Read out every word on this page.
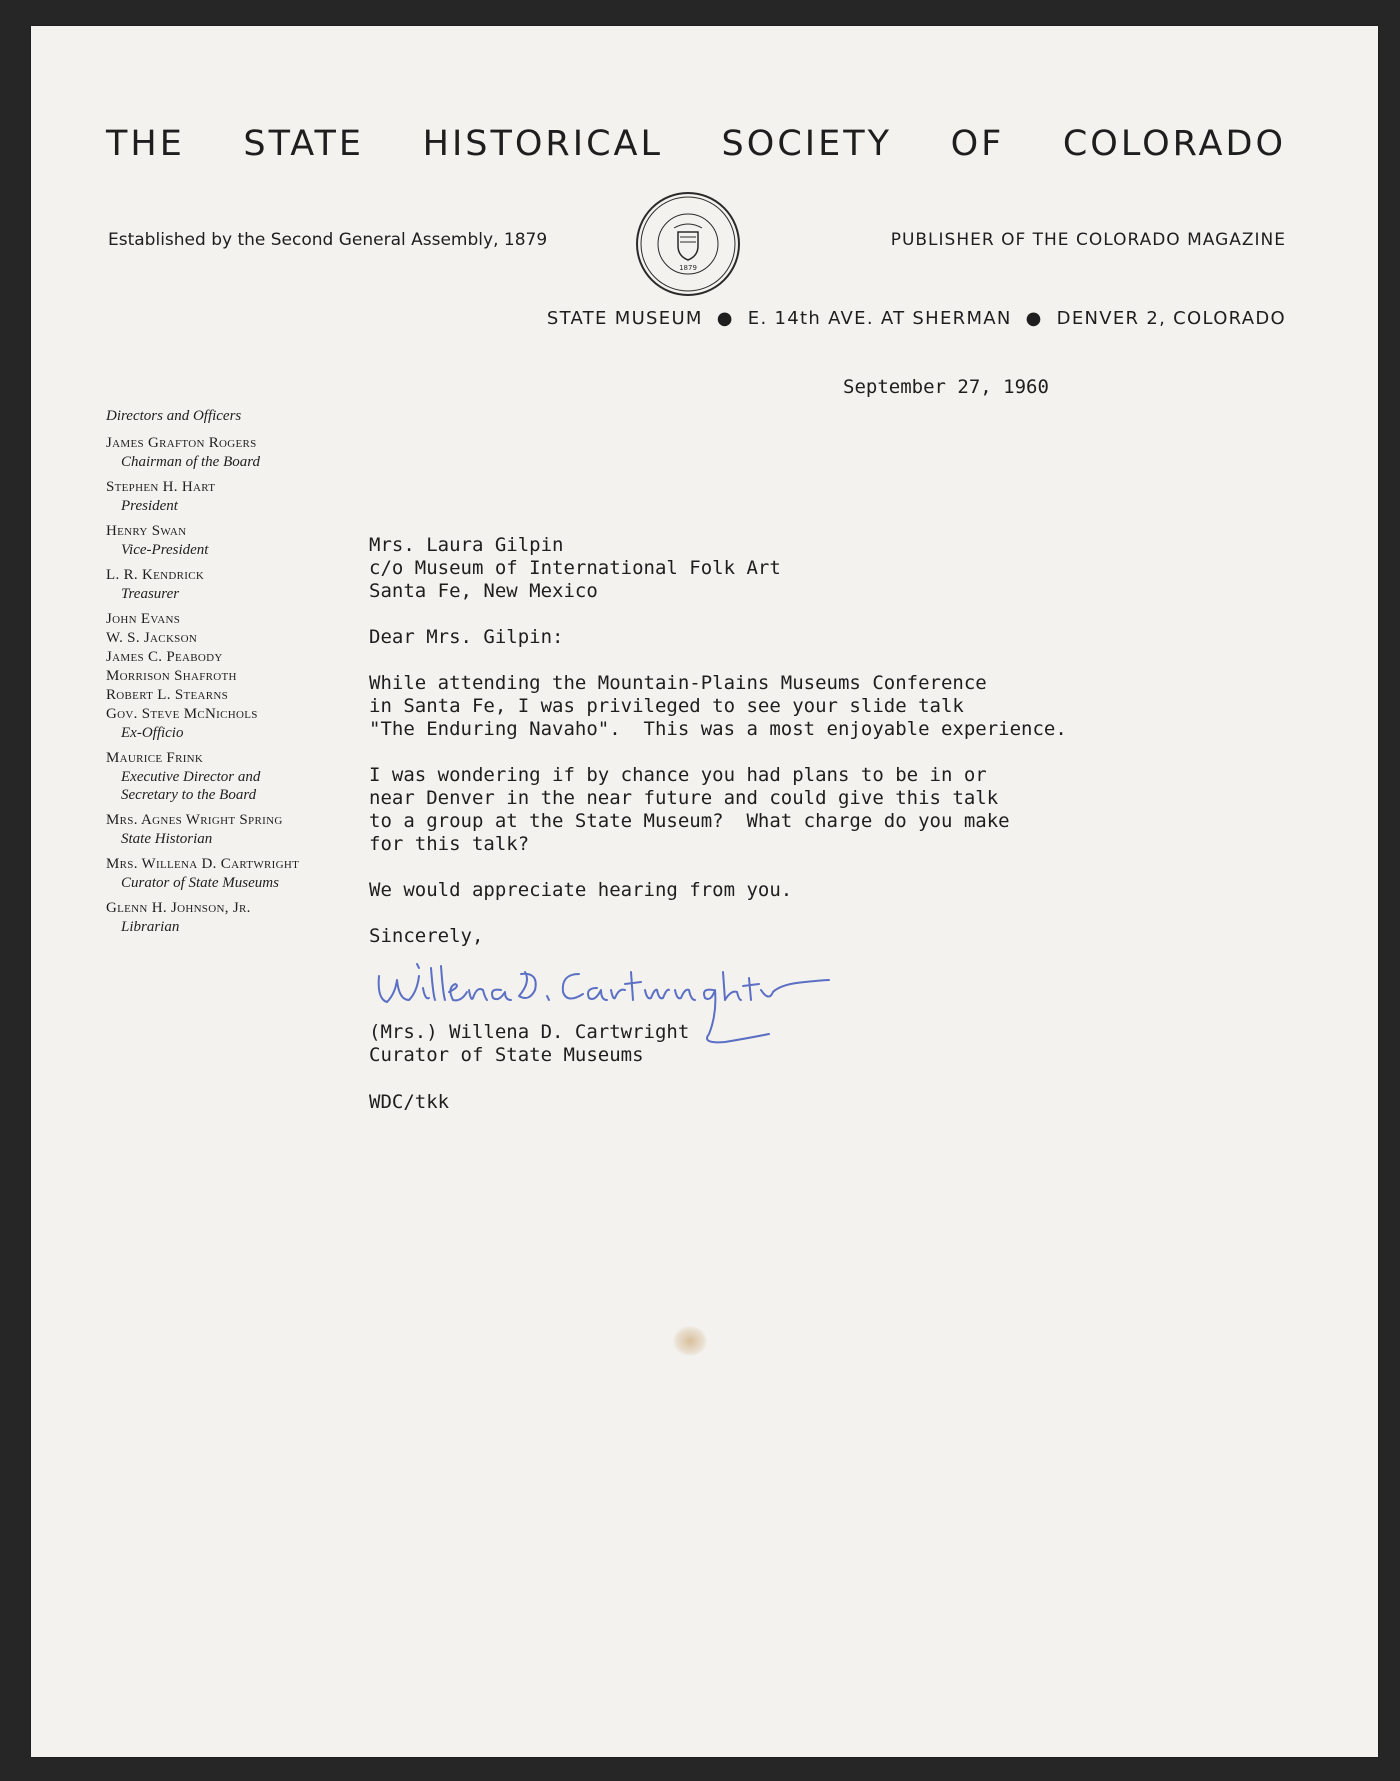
THE STATE HISTORICAL SOCIETY OF COLORADO
Established by the Second General Assembly, 1879
1879
PUBLISHER OF THE COLORADO MAGAZINE
STATE MUSEUM ● E. 14th AVE. AT SHERMAN ● DENVER 2, COLORADO
September 27, 1960
Directors and Officers
James Grafton Rogers
Chairman of the Board
Stephen H. Hart
President
Henry Swan
Vice-President
L. R. Kendrick
Treasurer
John Evans
W. S. Jackson
James C. Peabody
Morrison Shafroth
Robert L. Stearns
Gov. Steve McNichols
Ex-Officio
Maurice Frink
Executive Director and
Secretary to the Board
Mrs. Agnes Wright Spring
State Historian
Mrs. Willena D. Cartwright
Curator of State Museums
Glenn H. Johnson, Jr.
Librarian

Mrs. Laura Gilpin

c/o Museum of International Folk Art

Santa Fe, New Mexico

Dear Mrs. Gilpin:

While attending the Mountain-Plains Museums Conference

in Santa Fe, I was privileged to see your slide talk

"The Enduring Navaho".  This was a most enjoyable experience.

I was wondering if by chance you had plans to be in or

near Denver in the near future and could give this talk

to a group at the State Museum?  What charge do you make

for this talk?

We would appreciate hearing from you.

Sincerely,

(Mrs.) Willena D. Cartwright

Curator of State Museums

WDC/tkk
